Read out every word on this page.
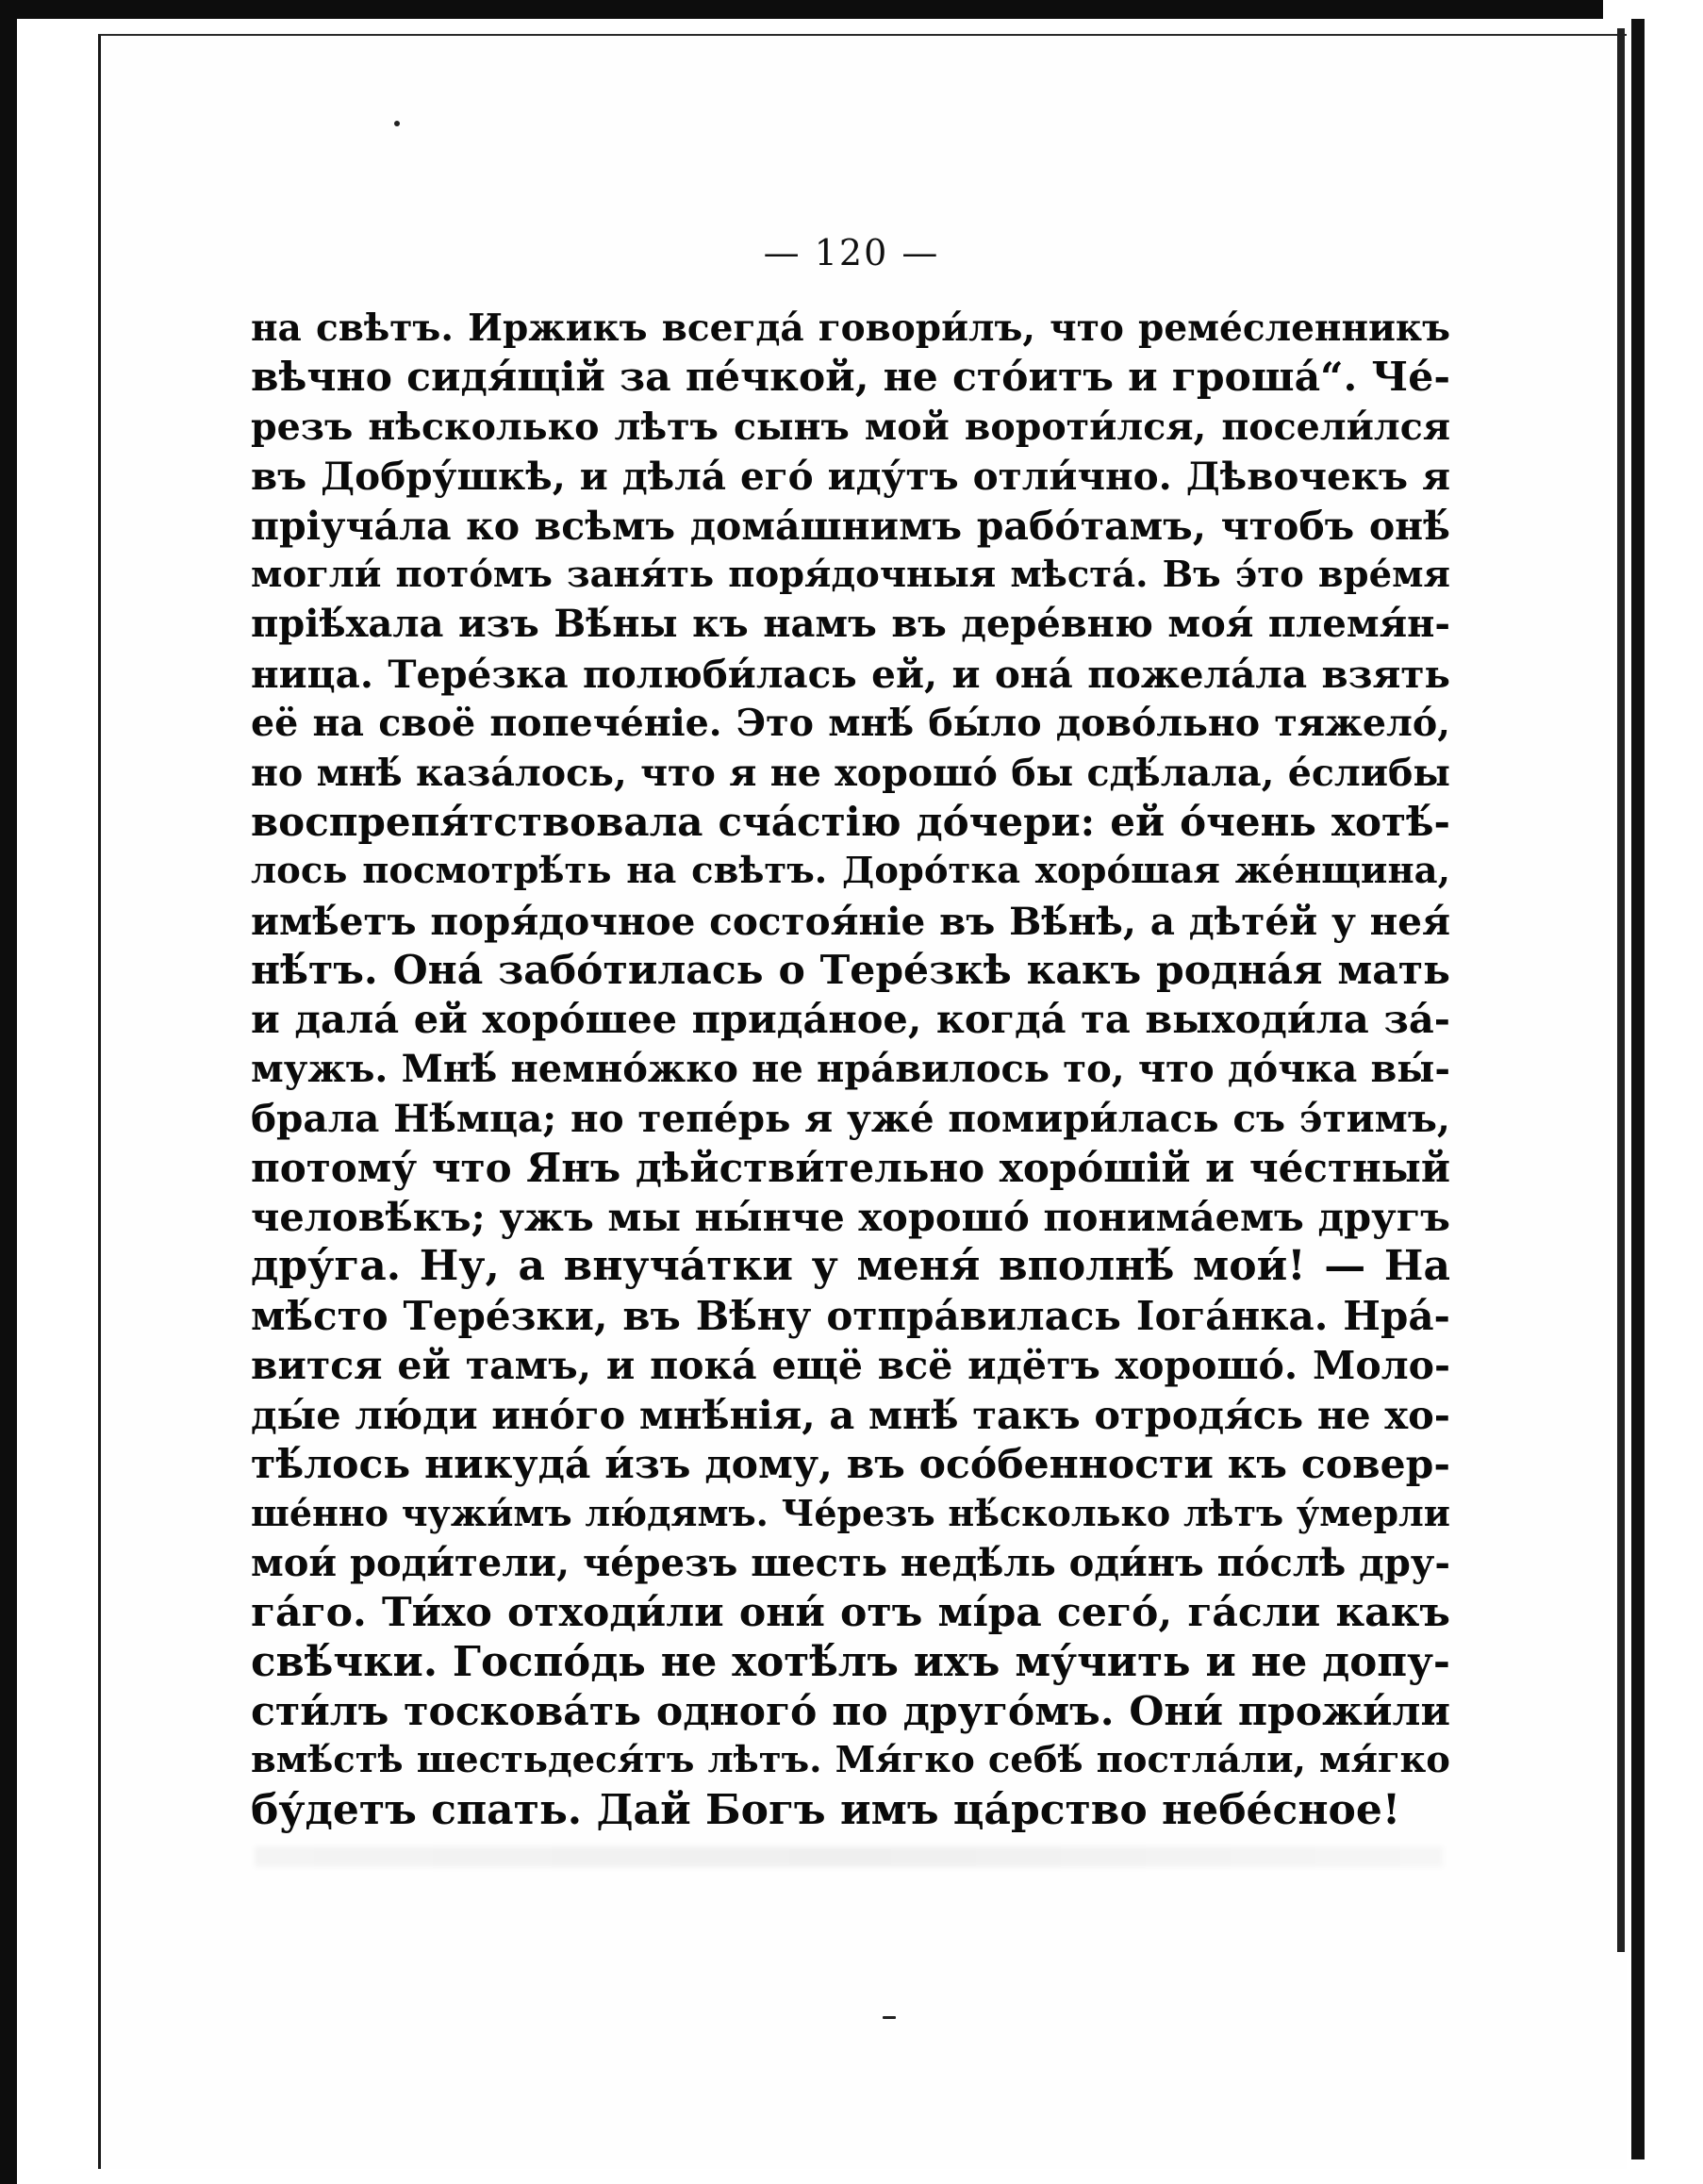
— 120 —
на свѣтъ. Иржикъ всегда́ говори́лъ, что реме́сленникъ
вѣчно сидя́щій за пе́чкой, не сто́итъ и гроша́“. Че́-
резъ нѣсколько лѣтъ сынъ мой вороти́лся, посели́лся
въ Добру́шкѣ, и дѣла́ его́ иду́тъ отли́чно. Дѣвочекъ я
пріуча́ла ко всѣмъ дома́шнимъ рабо́тамъ, чтобъ онѣ́
могли́ пото́мъ заня́ть поря́дочныя мѣста́. Въ э́то вре́мя
пріѣ́хала изъ Вѣ́ны къ намъ въ дере́вню моя́ племя́н-
ница. Тере́зка полюби́лась ей, и она́ пожела́ла взять
её на своё попече́ніе. Это мнѣ́ бы́ло дово́льно тяжело́,
но мнѣ́ каза́лось, что я не хорошо́ бы сдѣ́лала, е́слибы
воспрепя́тствовала сча́стію до́чери: ей о́чень хотѣ́-
лось посмотрѣ́ть на свѣтъ. Доро́тка хоро́шая же́нщина,
имѣ́етъ поря́дочное состоя́ніе въ Вѣ́нѣ, а дѣте́й у нея́
нѣ́тъ. Она́ забо́тилась о Тере́зкѣ какъ родна́я мать
и дала́ ей хоро́шее прида́ное, когда́ та выходи́ла за́-
мужъ. Мнѣ́ немно́жко не нра́вилось то, что до́чка вы́-
брала Нѣ́мца; но тепе́рь я уже́ помири́лась съ э́тимъ,
потому́ что Янъ дѣйстви́тельно хоро́шій и че́стный
человѣ́къ; ужъ мы ны́нче хорошо́ понима́емъ другъ
дру́га. Ну, а внуча́тки у меня́ вполнѣ́ мои́! — На
мѣ́сто Тере́зки, въ Вѣ́ну отпра́вилась Іога́нка. Нра́-
вится ей тамъ, и пока́ ещё всё идётъ хорошо́. Моло-
ды́е лю́ди ино́го мнѣ́нія, а мнѣ́ такъ отродя́сь не хо-
тѣ́лось никуда́ и́зъ дому, въ осо́бенности къ совер-
ше́нно чужи́мъ лю́дямъ. Че́резъ нѣ́сколько лѣтъ у́мерли
мои́ роди́тели, че́резъ шесть недѣ́ль оди́нъ по́слѣ дру-
га́го. Ти́хо отходи́ли они́ отъ мі́ра сего́, га́сли какъ
свѣ́чки. Госпо́дь не хотѣ́лъ ихъ му́чить и не допу-
сти́лъ тоскова́ть одного́ по друго́мъ. Они́ прожи́ли
вмѣ́стѣ шестьдеся́тъ лѣтъ. Мя́гко себѣ́ постла́ли, мя́гко
бу́детъ спать. Дай Богъ имъ ца́рство небе́сное!
